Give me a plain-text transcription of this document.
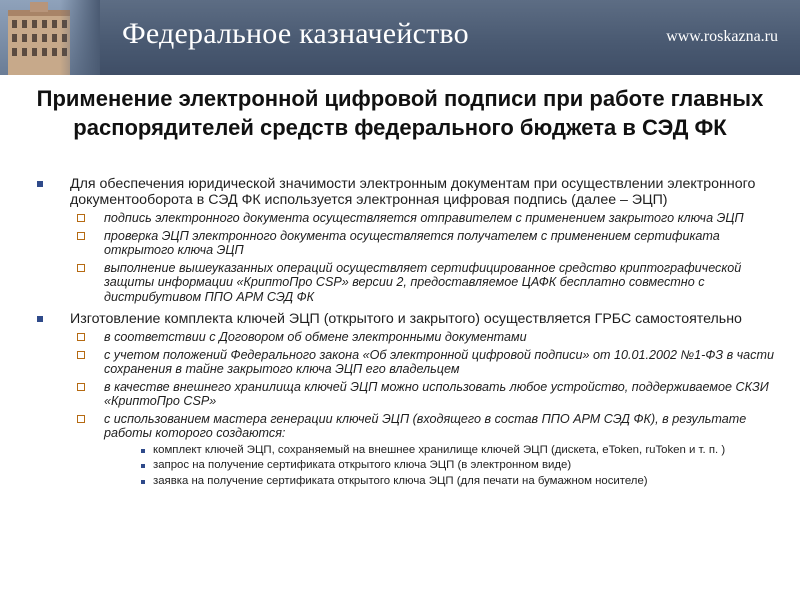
Федеральное казначейство	www.roskazna.ru
Применение электронной цифровой подписи при работе главных распорядителей средств федерального бюджета в СЭД ФК
Для обеспечения юридической значимости электронным документам при осуществлении электронного документооборота в СЭД ФК используется электронная цифровая подпись (далее – ЭЦП)
подпись электронного документа осуществляется отправителем с применением закрытого ключа ЭЦП
проверка ЭЦП электронного документа осуществляется получателем с применением сертификата открытого ключа ЭЦП
выполнение вышеуказанных операций осуществляет сертифицированное средство криптографической защиты информации «КриптоПро CSP» версии 2, предоставляемое ЦАФК бесплатно совместно с дистрибутивом ППО АРМ СЭД ФК
Изготовление комплекта ключей ЭЦП (открытого и закрытого) осуществляется ГРБС самостоятельно
в соответствии с Договором об обмене электронными документами
с учетом положений Федерального закона «Об электронной цифровой подписи» от 10.01.2002 №1-ФЗ в части сохранения в тайне закрытого ключа ЭЦП его владельцем
в качестве внешнего хранилища ключей ЭЦП можно использовать любое устройство, поддерживаемое СКЗИ «КриптоПро CSP»
с использованием мастера генерации ключей ЭЦП (входящего в состав ППО АРМ СЭД ФК), в результате работы которого создаются:
комплект ключей ЭЦП, сохраняемый на внешнее хранилище ключей ЭЦП (дискета, eToken, ruToken и т. п. )
запрос на получение сертификата открытого ключа ЭЦП (в электронном виде)
заявка на получение сертификата открытого ключа ЭЦП (для печати на бумажном носителе)
